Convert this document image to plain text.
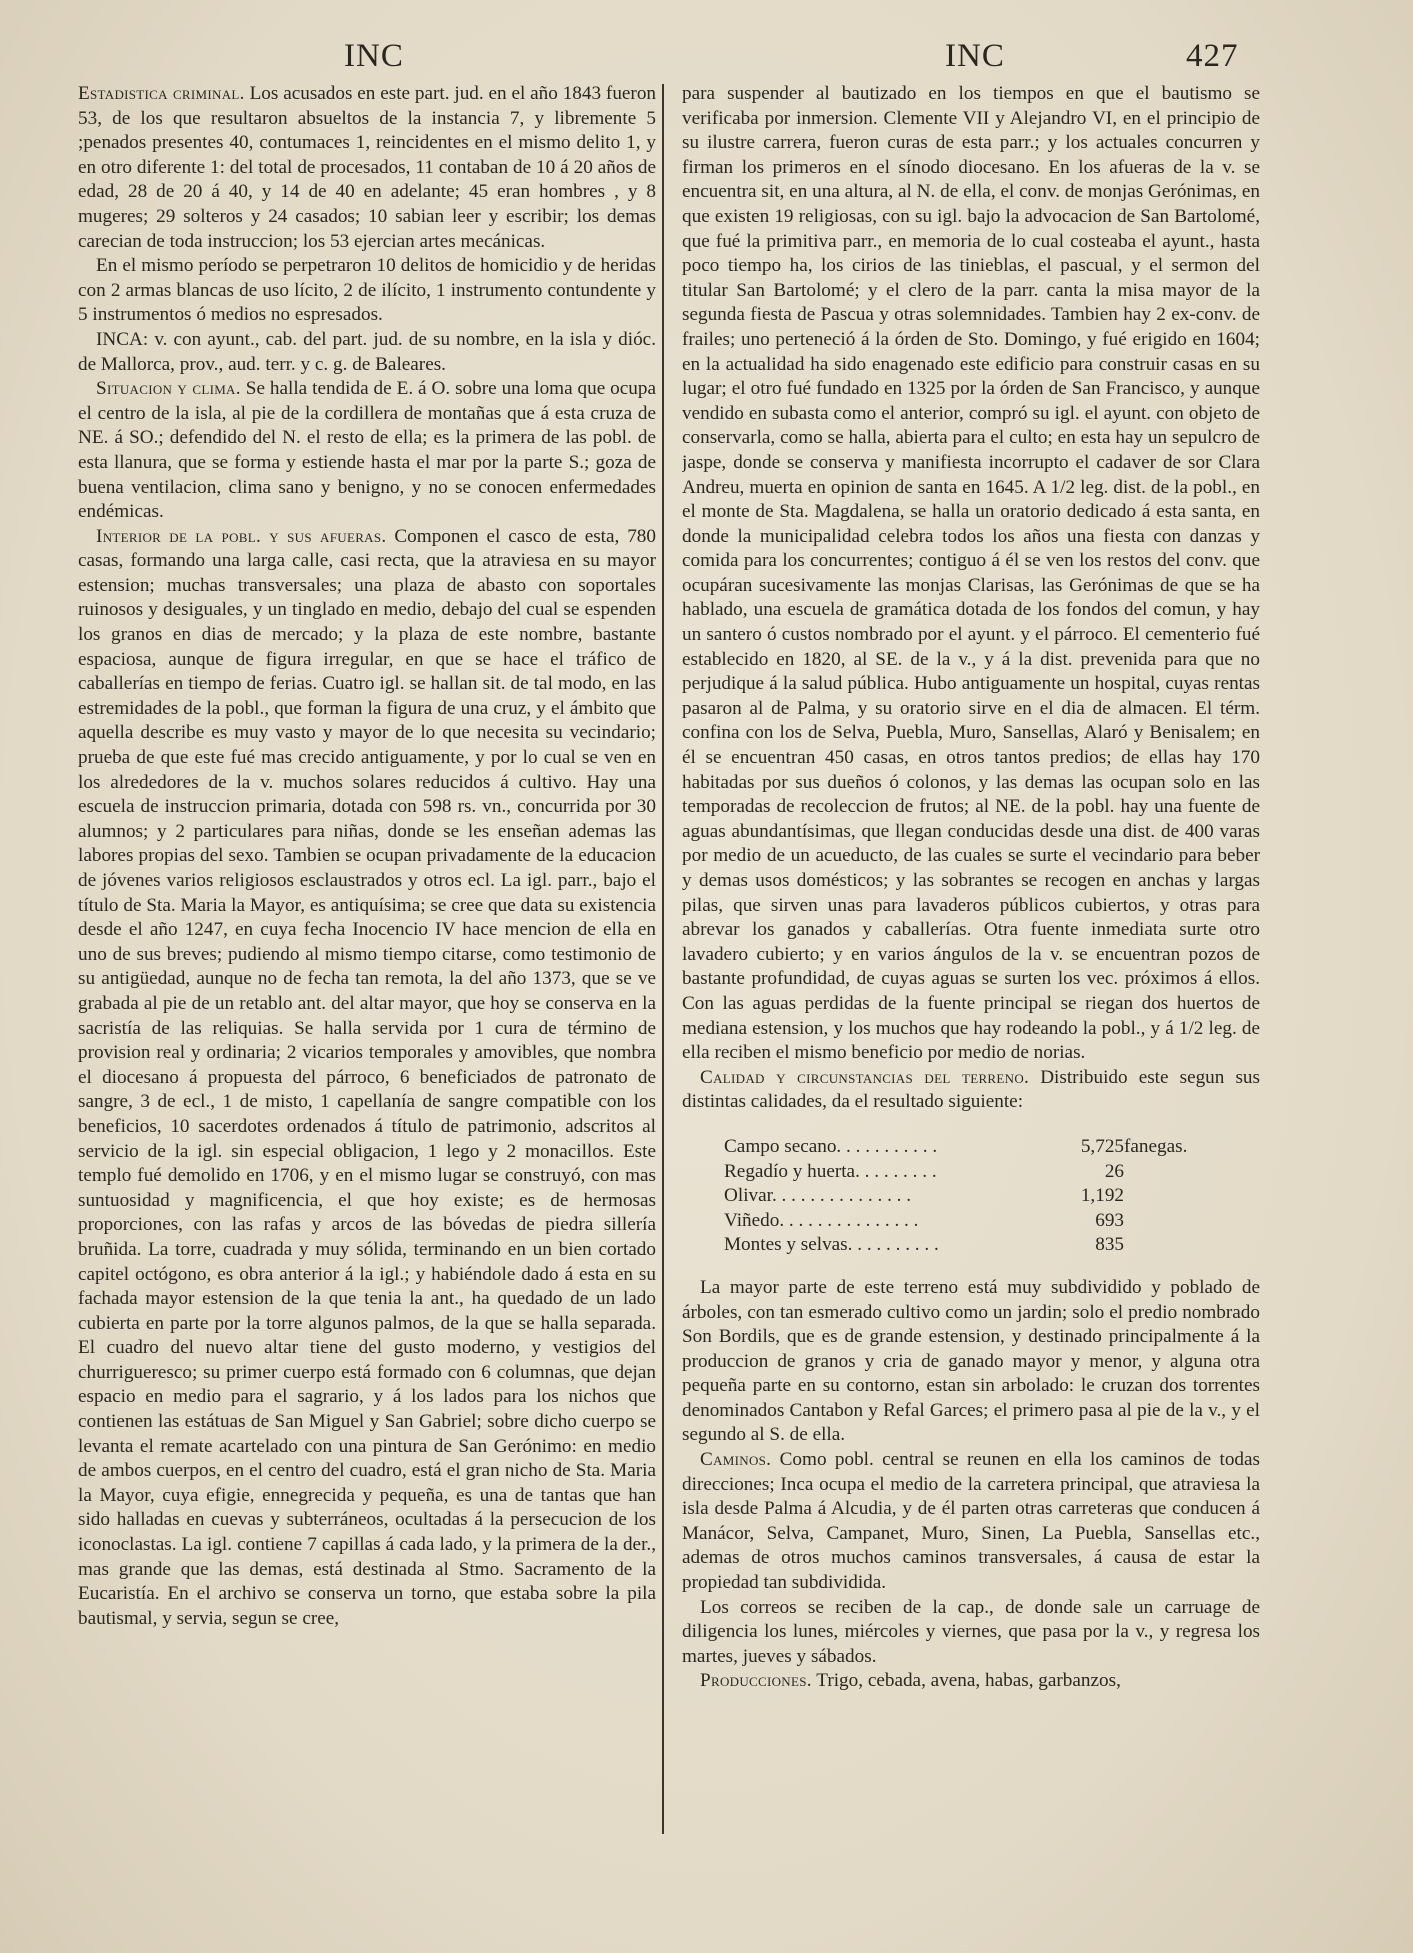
INC	INC	427

Estadistica criminal. Los acusados en este part. jud. en el año 1843 fueron 53, de los que resultaron absueltos de la instancia 7, y libremente 5 ;penados presentes 40, contumaces 1, reincidentes en el mismo delito 1, y en otro diferente 1: del total de procesados, 11 contaban de 10 á 20 años de edad, 28 de 20 á 40, y 14 de 40 en adelante; 45 eran hombres , y 8 mugeres; 29 solteros y 24 casados; 10 sabian leer y escribir; los demas carecian de toda instruccion; los 53 ejercian artes mecánicas.

En el mismo período se perpetraron 10 delitos de homicidio y de heridas con 2 armas blancas de uso lícito, 2 de ilícito, 1 instrumento contundente y 5 instrumentos ó medios no espresados.

INCA: v. con ayunt., cab. del part. jud. de su nombre, en la isla y dióc. de Mallorca, prov., aud. terr. y c. g. de Baleares.

Situacion y clima. Se halla tendida de E. á O. sobre una loma que ocupa el centro de la isla, al pie de la cordillera de montañas que á esta cruza de NE. á SO.; defendido del N. el resto de ella; es la primera de las pobl. de esta llanura, que se forma y estiende hasta el mar por la parte S.; goza de buena ventilacion, clima sano y benigno, y no se conocen enfermedades endémicas.

Interior de la pobl. y sus afueras. Componen el casco de esta, 780 casas, formando una larga calle, casi recta, que la atraviesa en su mayor estension; muchas transversales; una plaza de abasto con soportales ruinosos y desiguales, y un tinglado en medio, debajo del cual se espenden los granos en dias de mercado; y la plaza de este nombre, bastante espaciosa, aunque de figura irregular, en que se hace el tráfico de caballerías en tiempo de ferias. Cuatro igl. se hallan sit. de tal modo, en las estremidades de la pobl., que forman la figura de una cruz, y el ámbito que aquella describe es muy vasto y mayor de lo que necesita su vecindario; prueba de que este fué mas crecido antiguamente, y por lo cual se ven en los alrededores de la v. muchos solares reducidos á cultivo. Hay una escuela de instruccion primaria, dotada con 598 rs. vn., concurrida por 30 alumnos; y 2 particulares para niñas, donde se les enseñan ademas las labores propias del sexo. Tambien se ocupan privadamente de la educacion de jóvenes varios religiosos esclaustrados y otros ecl. La igl. parr., bajo el título de Sta. Maria la Mayor, es antiquísima; se cree que data su existencia desde el año 1247, en cuya fecha Inocencio IV hace mencion de ella en uno de sus breves; pudiendo al mismo tiempo citarse, como testimonio de su antigüedad, aunque no de fecha tan remota, la del año 1373, que se ve grabada al pie de un retablo ant. del altar mayor, que hoy se conserva en la sacristía de las reliquias. Se halla servida por 1 cura de término de provision real y ordinaria; 2 vicarios temporales y amovibles, que nombra el diocesano á propuesta del párroco, 6 beneficiados de patronato de sangre, 3 de ecl., 1 de misto, 1 capellanía de sangre compatible con los beneficios, 10 sacerdotes ordenados á título de patrimonio, adscritos al servicio de la igl. sin especial obligacion, 1 lego y 2 monacillos. Este templo fué demolido en 1706, y en el mismo lugar se construyó, con mas suntuosidad y magnificencia, el que hoy existe; es de hermosas proporciones, con las rafas y arcos de las bóvedas de piedra sillería bruñida. La torre, cuadrada y muy sólida, terminando en un bien cortado capitel octógono, es obra anterior á la igl.; y habiéndole dado á esta en su fachada mayor estension de la que tenia la ant., ha quedado de un lado cubierta en parte por la torre algunos palmos, de la que se halla separada. El cuadro del nuevo altar tiene del gusto moderno, y vestigios del churrigueresco; su primer cuerpo está formado con 6 columnas, que dejan espacio en medio para el sagrario, y á los lados para los nichos que contienen las estátuas de San Miguel y San Gabriel; sobre dicho cuerpo se levanta el remate acartelado con una pintura de San Gerónimo: en medio de ambos cuerpos, en el centro del cuadro, está el gran nicho de Sta. Maria la Mayor, cuya efigie, ennegrecida y pequeña, es una de tantas que han sido halladas en cuevas y subterráneos, ocultadas á la persecucion de los iconoclastas. La igl. contiene 7 capillas á cada lado, y la primera de la der., mas grande que las demas, está destinada al Stmo. Sacramento de la Eucaristía. En el archivo se conserva un torno, que estaba sobre la pila bautismal, y servia, segun se cree,

para suspender al bautizado en los tiempos en que el bautismo se verificaba por inmersion. Clemente VII y Alejandro VI, en el principio de su ilustre carrera, fueron curas de esta parr.; y los actuales concurren y firman los primeros en el sínodo diocesano. En los afueras de la v. se encuentra sit, en una altura, al N. de ella, el conv. de monjas Gerónimas, en que existen 19 religiosas, con su igl. bajo la advocacion de San Bartolomé, que fué la primitiva parr., en memoria de lo cual costeaba el ayunt., hasta poco tiempo ha, los cirios de las tinieblas, el pascual, y el sermon del titular San Bartolomé; y el clero de la parr. canta la misa mayor de la segunda fiesta de Pascua y otras solemnidades. Tambien hay 2 ex-conv. de frailes; uno perteneció á la órden de Sto. Domingo, y fué erigido en 1604; en la actualidad ha sido enagenado este edificio para construir casas en su lugar; el otro fué fundado en 1325 por la órden de San Francisco, y aunque vendido en subasta como el anterior, compró su igl. el ayunt. con objeto de conservarla, como se halla, abierta para el culto; en esta hay un sepulcro de jaspe, donde se conserva y manifiesta incorrupto el cadaver de sor Clara Andreu, muerta en opinion de santa en 1645. A 1/2 leg. dist. de la pobl., en el monte de Sta. Magdalena, se halla un oratorio dedicado á esta santa, en donde la municipalidad celebra todos los años una fiesta con danzas y comida para los concurrentes; contiguo á él se ven los restos del conv. que ocupáran sucesivamente las monjas Clarisas, las Gerónimas de que se ha hablado, una escuela de gramática dotada de los fondos del comun, y hay un santero ó custos nombrado por el ayunt. y el párroco. El cementerio fué establecido en 1820, al SE. de la v., y á la dist. prevenida para que no perjudique á la salud pública. Hubo antiguamente un hospital, cuyas rentas pasaron al de Palma, y su oratorio sirve en el dia de almacen. El térm. confina con los de Selva, Puebla, Muro, Sansellas, Alaró y Benisalem; en él se encuentran 450 casas, en otros tantos predios; de ellas hay 170 habitadas por sus dueños ó colonos, y las demas las ocupan solo en las temporadas de recoleccion de frutos; al NE. de la pobl. hay una fuente de aguas abundantísimas, que llegan conducidas desde una dist. de 400 varas por medio de un acueducto, de las cuales se surte el vecindario para beber y demas usos domésticos; y las sobrantes se recogen en anchas y largas pilas, que sirven unas para lavaderos públicos cubiertos, y otras para abrevar los ganados y caballerías. Otra fuente inmediata surte otro lavadero cubierto; y en varios ángulos de la v. se encuentran pozos de bastante profundidad, de cuyas aguas se surten los vec. próximos á ellos. Con las aguas perdidas de la fuente principal se riegan dos huertos de mediana estension, y los muchos que hay rodeando la pobl., y á 1/2 leg. de ella reciben el mismo beneficio por medio de norias.

Calidad y circunstancias del terreno. Distribuido este segun sus distintas calidades, da el resultado siguiente:

Campo secano. . . . . . . . . . .	5,725	fanegas.
Regadío y huerta. . . . . . . . .	26	
Olivar. . . . . . . . . . . . . . .	1,192	
Viñedo. . . . . . . . . . . . . . .	693	
Montes y selvas. . . . . . . . . .	835	

La mayor parte de este terreno está muy subdividido y poblado de árboles, con tan esmerado cultivo como un jardin; solo el predio nombrado Son Bordils, que es de grande estension, y destinado principalmente á la produccion de granos y cria de ganado mayor y menor, y alguna otra pequeña parte en su contorno, estan sin arbolado: le cruzan dos torrentes denominados Cantabon y Refal Garces; el primero pasa al pie de la v., y el segundo al S. de ella.

Caminos. Como pobl. central se reunen en ella los caminos de todas direcciones; Inca ocupa el medio de la carretera principal, que atraviesa la isla desde Palma á Alcudia, y de él parten otras carreteras que conducen á Manácor, Selva, Campanet, Muro, Sinen, La Puebla, Sansellas etc., ademas de otros muchos caminos transversales, á causa de estar la propiedad tan subdividida.

Los correos se reciben de la cap., de donde sale un carruage de diligencia los lunes, miércoles y viernes, que pasa por la v., y regresa los martes, jueves y sábados.

Producciones. Trigo, cebada, avena, habas, garbanzos,
